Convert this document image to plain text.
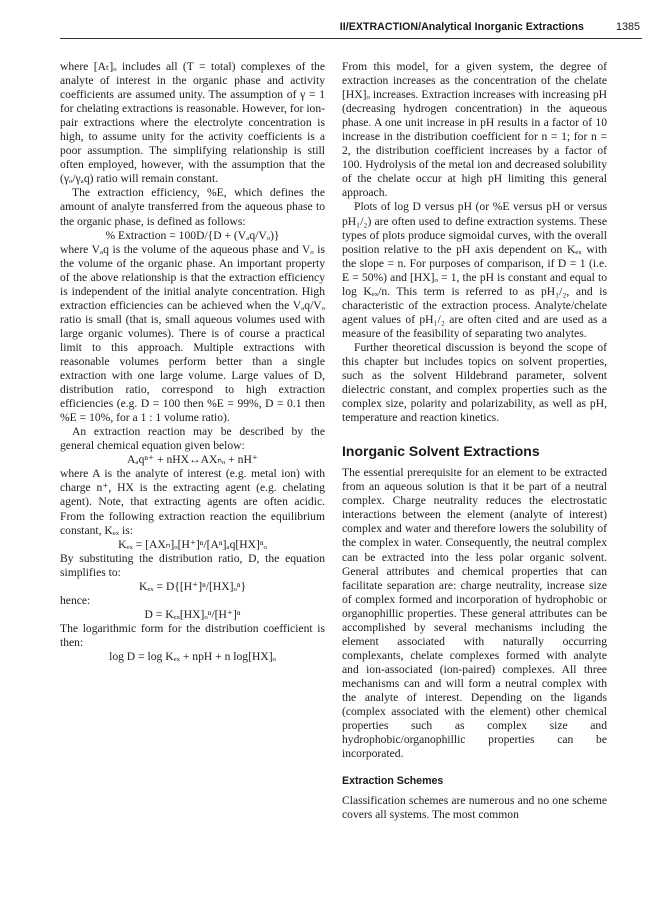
II/EXTRACTION/Analytical Inorganic Extractions	1385

where [Aₜ]ₒ includes all (T = total) complexes of the analyte of interest in the organic phase and activity coefficients are assumed unity. The assumption of γ = 1 for chelating extractions is reasonable. However, for ion-pair extractions where the electrolyte concentration is high, to assume unity for the activity coefficients is a poor assumption. The simplifying relationship is still often employed, however, with the assumption that the (γₒ/γₐq) ratio will remain constant.

The extraction efficiency, %E, which defines the amount of analyte transferred from the aqueous phase to the organic phase, is defined as follows:

% Extraction = 100D/{D + (Vₐq/Vₒ)}

where Vₐq is the volume of the aqueous phase and Vₒ is the volume of the organic phase. An important property of the above relationship is that the extraction efficiency is independent of the initial analyte concentration. High extraction efficiencies can be achieved when the Vₐq/Vₒ ratio is small (that is, small aqueous volumes used with large organic volumes). There is of course a practical limit to this approach. Multiple extractions with reasonable volumes perform better than a single extraction with one large volume. Large values of D, distribution ratio, correspond to high extraction efficiencies (e.g. D = 100 then %E = 99%, D = 0.1 then %E = 10%, for a 1 : 1 volume ratio).

An extraction reaction may be described by the general chemical equation given below:

Aₐqⁿ⁺ + nHX↔AXₙₒ + nH⁺

where A is the analyte of interest (e.g. metal ion) with charge n⁺, HX is the extracting agent (e.g. chelating agent). Note, that extracting agents are often acidic. From the following extraction reaction the equilibrium constant, Kₑₓ is:

Kₑₓ = [AXₙ]ₒ[H⁺]ⁿ/[Aⁿ]ₐq[HX]ⁿₒ

By substituting the distribution ratio, D, the equation simplifies to:

Kₑₓ = D{[H⁺]ⁿ/[HX]ₒⁿ}

hence:

D = Kₑₓ[HX]ₒⁿ/[H⁺]ⁿ

The logarithmic form for the distribution coefficient is then:

log D = log Kₑₓ + npH + n log[HX]ₒ

From this model, for a given system, the degree of extraction increases as the concentration of the chelate [HX]ₒ increases. Extraction increases with increasing pH (decreasing hydrogen concentration) in the aqueous phase. A one unit increase in pH results in a factor of 10 increase in the distribution coefficient for n = 1; for n = 2, the distribution coefficient increases by a factor of 100. Hydrolysis of the metal ion and decreased solubility of the chelate occur at high pH limiting this general approach.

Plots of log D versus pH (or %E versus pH or versus pH₁/₂) are often used to define extraction systems. These types of plots produce sigmoidal curves, with the overall position relative to the pH axis dependent on Kₑₓ with the slope = n. For purposes of comparison, if D = 1 (i.e. E = 50%) and [HX]ₒ = 1, the pH is constant and equal to log Kₑₓ/n. This term is referred to as pH₁/₂, and is characteristic of the extraction process. Analyte/chelate agent values of pH₁/₂ are often cited and are used as a measure of the feasibility of separating two analytes.

Further theoretical discussion is beyond the scope of this chapter but includes topics on solvent properties, such as the solvent Hildebrand parameter, solvent dielectric constant, and complex properties such as the complex size, polarity and polarizability, as well as pH, temperature and reaction kinetics.

Inorganic Solvent Extractions

The essential prerequisite for an element to be extracted from an aqueous solution is that it be part of a neutral complex. Charge neutrality reduces the electrostatic interactions between the element (analyte of interest) complex and water and therefore lowers the solubility of the complex in water. Consequently, the neutral complex can be extracted into the less polar organic solvent. General attributes and chemical properties that can facilitate separation are: charge neutrality, increase size of complex formed and incorporation of hydrophobic or organophillic properties. These general attributes can be accomplished by several mechanisms including the element associated with naturally occurring complexants, chelate complexes formed with analyte and ion-associated (ion-paired) complexes. All three mechanisms can and will form a neutral complex with the analyte of interest. Depending on the ligands (complex associated with the element) other chemical properties such as complex size and hydrophobic/organophillic properties can be incorporated.

Extraction Schemes

Classification schemes are numerous and no one scheme covers all systems. The most common
